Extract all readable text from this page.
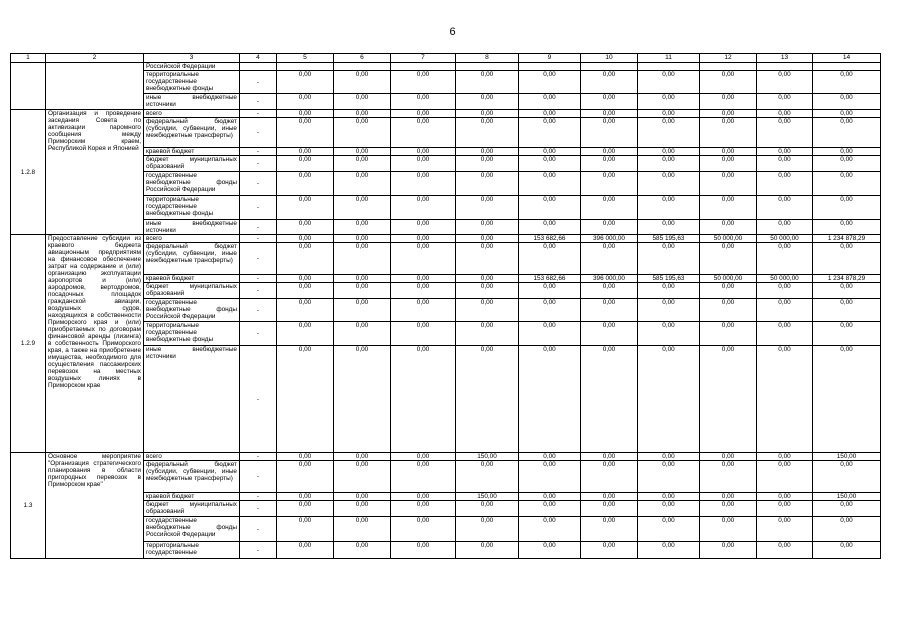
6
1	2	3	4	5	6	7	8	9	10	11	12	13	14
		Российской Федерации											
		территориальные государственные внебюджетные фонды	-	0,00	0,00	0,00	0,00	0,00	0,00	0,00	0,00	0,00	0,00
		иные внебюджетные источники	-	0,00	0,00	0,00	0,00	0,00	0,00	0,00	0,00	0,00	0,00
1.2.8	Организация и проведение заседания Совета по активизации паромного сообщения между Приморским краем, Республикой Корея и Японией	всего	-	0,00	0,00	0,00	0,00	0,00	0,00	0,00	0,00	0,00	0,00
		федеральный бюджет (субсидии, субвенции, иные межбюджетные трансферты)	-	0,00	0,00	0,00	0,00	0,00	0,00	0,00	0,00	0,00	0,00
		краевой бюджет	-	0,00	0,00	0,00	0,00	0,00	0,00	0,00	0,00	0,00	0,00
		бюджет муниципальных образований	-	0,00	0,00	0,00	0,00	0,00	0,00	0,00	0,00	0,00	0,00
		государственные внебюджетные фонды Российской Федерации	-	0,00	0,00	0,00	0,00	0,00	0,00	0,00	0,00	0,00	0,00
		территориальные государственные внебюджетные фонды	-	0,00	0,00	0,00	0,00	0,00	0,00	0,00	0,00	0,00	0,00
		иные внебюджетные источники	-	0,00	0,00	0,00	0,00	0,00	0,00	0,00	0,00	0,00	0,00
1.2.9	Предоставление субсидии из краевого бюджета авиационным предприятиям на финансовое обеспечение затрат на содержание и (или) организацию эксплуатации аэропортов и (или) аэродромов, вертодромов, посадочных площадок гражданской авиации, воздушных судов, находящихся в собственности Приморского края и (или) приобретаемых по договорам финансовой аренды (лизинга) в собственность Приморского края, а также на приобретение имущества, необходимого для осуществления пассажирских перевозок на местных воздушных линиях в Приморском крае	всего	-	0,00	0,00	0,00	0,00	153 682,66	396 000,00	585 195,63	50 000,00	50 000,00	1 234 878,29
		федеральный бюджет (субсидии, субвенции, иные межбюджетные трансферты)	-	0,00	0,00	0,00	0,00	0,00	0,00	0,00	0,00	0,00	0,00
		краевой бюджет	-	0,00	0,00	0,00	0,00	153 682,66	396 000,00	585 195,63	50 000,00	50 000,00	1 234 878,29
		бюджет муниципальных образований	-	0,00	0,00	0,00	0,00	0,00	0,00	0,00	0,00	0,00	0,00
		государственные внебюджетные фонды Российской Федерации	-	0,00	0,00	0,00	0,00	0,00	0,00	0,00	0,00	0,00	0,00
		территориальные государственные внебюджетные фонды	-	0,00	0,00	0,00	0,00	0,00	0,00	0,00	0,00	0,00	0,00
		иные внебюджетные источники	-	0,00	0,00	0,00	0,00	0,00	0,00	0,00	0,00	0,00	0,00
1.3	Основное мероприятие "Организация стратегического планирования в области пригородных перевозок в Приморском крае"	всего	-	0,00	0,00	0,00	150,00	0,00	0,00	0,00	0,00	0,00	150,00
		федеральный бюджет (субсидии, субвенции, иные межбюджетные трансферты)	-	0,00	0,00	0,00	0,00	0,00	0,00	0,00	0,00	0,00	0,00
		краевой бюджет	-	0,00	0,00	0,00	150,00	0,00	0,00	0,00	0,00	0,00	150,00
		бюджет муниципальных образований	-	0,00	0,00	0,00	0,00	0,00	0,00	0,00	0,00	0,00	0,00
		государственные внебюджетные фонды Российской Федерации	-	0,00	0,00	0,00	0,00	0,00	0,00	0,00	0,00	0,00	0,00
		территориальные государственные	-	0,00	0,00	0,00	0,00	0,00	0,00	0,00	0,00	0,00	0,00
